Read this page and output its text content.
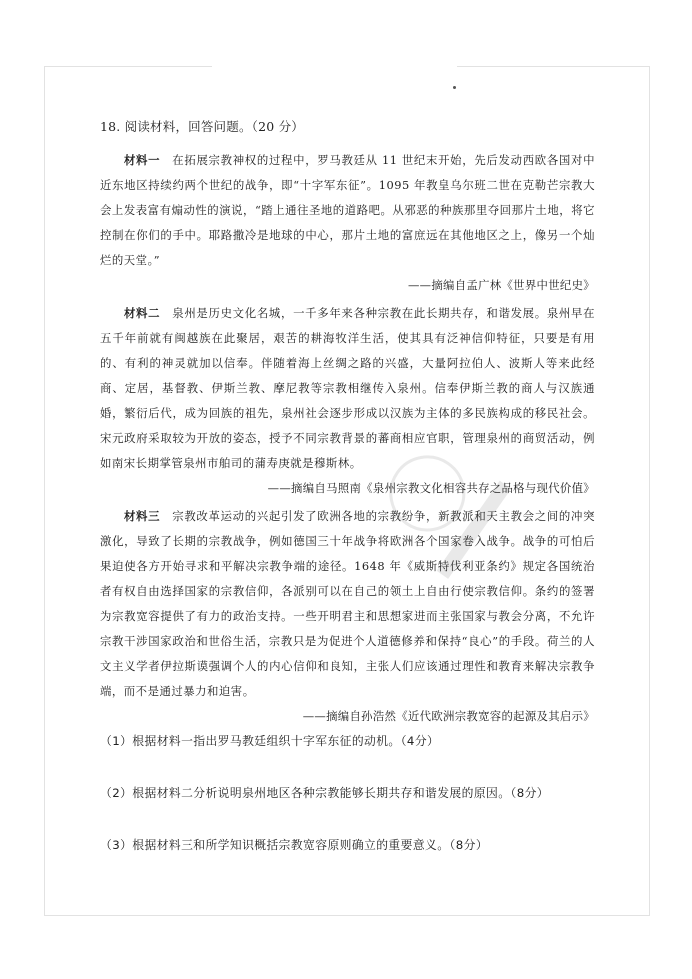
18. 阅读材料，回答问题。（20 分）

材料一  在拓展宗教神权的过程中，罗马教廷从 11 世纪末开始，先后发动西欧各国对中近东地区持续约两个世纪的战争，即“十字军东征”。1095 年教皇乌尔班二世在克勒芒宗教大会上发表富有煽动性的演说，“踏上通往圣地的道路吧。从邪恶的种族那里夺回那片土地，将它控制在你们的手中。耶路撒冷是地球的中心，那片土地的富庶远在其他地区之上，像另一个灿烂的天堂。”

——摘编自孟广林《世界中世纪史》

材料二  泉州是历史文化名城，一千多年来各种宗教在此长期共存，和谐发展。泉州早在五千年前就有闽越族在此聚居，艰苦的耕海牧洋生活，使其具有泛神信仰特征，只要是有用的、有利的神灵就加以信奉。伴随着海上丝绸之路的兴盛，大量阿拉伯人、波斯人等来此经商、定居，基督教、伊斯兰教、摩尼教等宗教相继传入泉州。信奉伊斯兰教的商人与汉族通婚，繁衍后代，成为回族的祖先，泉州社会逐步形成以汉族为主体的多民族构成的移民社会。宋元政府采取较为开放的姿态，授予不同宗教背景的蕃商相应官职，管理泉州的商贸活动，例如南宋长期掌管泉州市舶司的蒲寿庚就是穆斯林。

——摘编自马照南《泉州宗教文化相容共存之品格与现代价值》

材料三  宗教改革运动的兴起引发了欧洲各地的宗教纷争，新教派和天主教会之间的冲突激化，导致了长期的宗教战争，例如德国三十年战争将欧洲各个国家卷入战争。战争的可怕后果迫使各方开始寻求和平解决宗教争端的途径。1648 年《威斯特伐利亚条约》规定各国统治者有权自由选择国家的宗教信仰，各派别可以在自己的领土上自由行使宗教信仰。条约的签署为宗教宽容提供了有力的政治支持。一些开明君主和思想家进而主张国家与教会分离，不允许宗教干涉国家政治和世俗生活，宗教只是为促进个人道德修养和保持“良心”的手段。荷兰的人文主义学者伊拉斯谟强调个人的内心信仰和良知，主张人们应该通过理性和教育来解决宗教争端，而不是通过暴力和迫害。

——摘编自孙浩然《近代欧洲宗教宽容的起源及其启示》

（1）根据材料一指出罗马教廷组织十字军东征的动机。（4分）

（2）根据材料二分析说明泉州地区各种宗教能够长期共存和谐发展的原因。（8分）

（3）根据材料三和所学知识概括宗教宽容原则确立的重要意义。（8分）
